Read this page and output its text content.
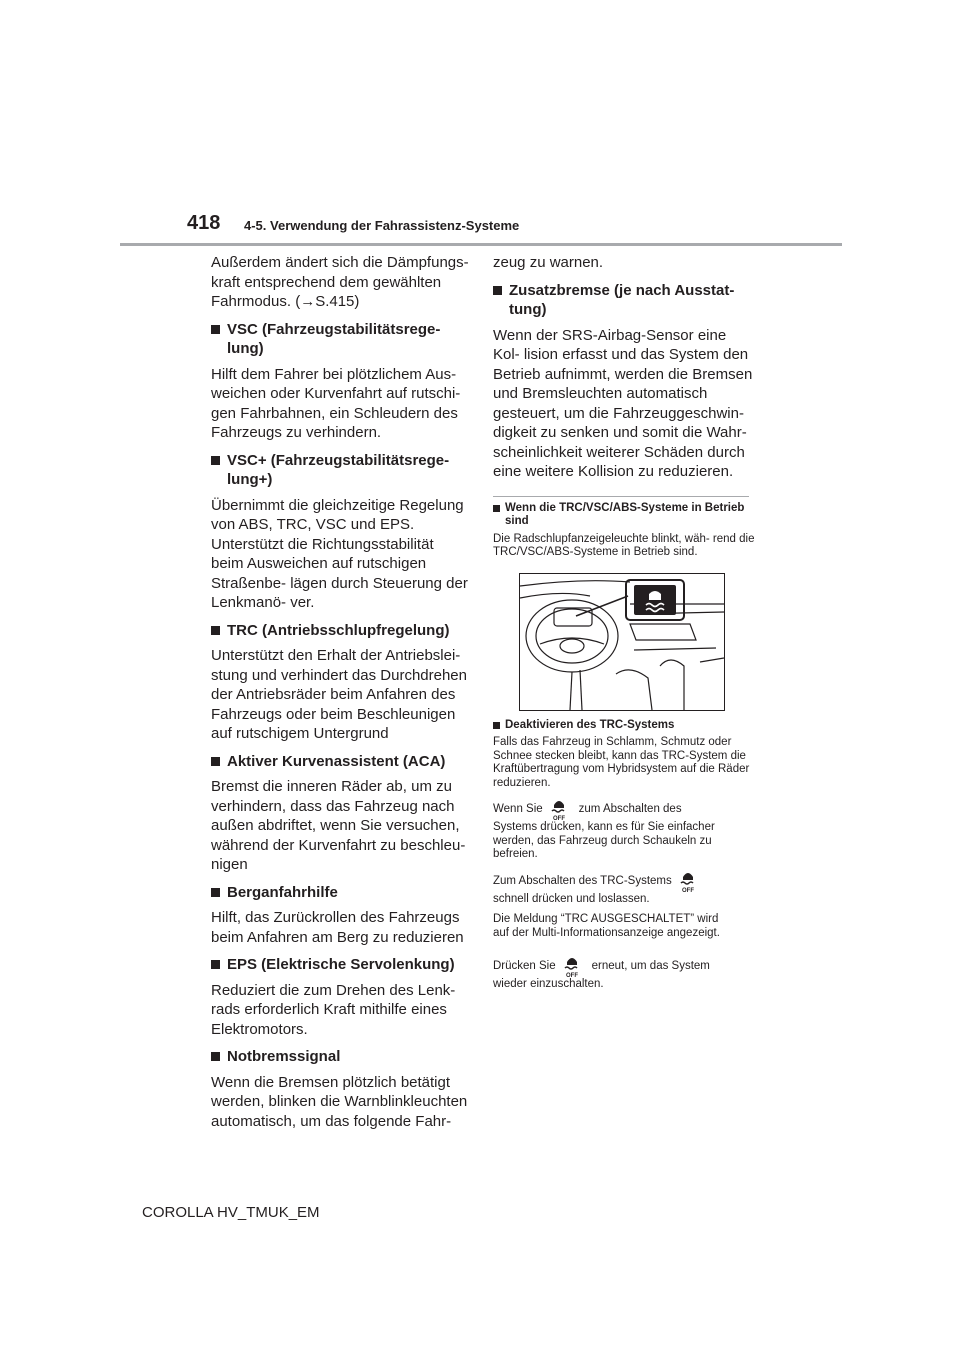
418 4-5. Verwendung der Fahrassistenz-Systeme

Außerdem ändert sich die Dämpfungs- kraft entsprechend dem gewählten Fahrmodus. (→S.415)

VSC (Fahrzeugstabilitätsrege- lung)

Hilft dem Fahrer bei plötzlichem Aus- weichen oder Kurvenfahrt auf rutschi- gen Fahrbahnen, ein Schleudern des Fahrzeugs zu verhindern.

VSC+ (Fahrzeugstabilitätsrege- lung+)

Übernimmt die gleichzeitige Regelung von ABS, TRC, VSC und EPS. Unterstützt die Richtungsstabilität beim Ausweichen auf rutschigen Straßenbe- lägen durch Steuerung der Lenkmanö- ver.

TRC (Antriebsschlupfregelung)

Unterstützt den Erhalt der Antriebslei- stung und verhindert das Durchdrehen der Antriebsräder beim Anfahren des Fahrzeugs oder beim Beschleunigen auf rutschigem Untergrund

Aktiver Kurvenassistent (ACA)

Bremst die inneren Räder ab, um zu verhindern, dass das Fahrzeug nach außen abdriftet, wenn Sie versuchen, während der Kurvenfahrt zu beschleu- nigen

Berganfahrhilfe

Hilft, das Zurückrollen des Fahrzeugs beim Anfahren am Berg zu reduzieren

EPS (Elektrische Servolenkung)

Reduziert die zum Drehen des Lenk- rads erforderlich Kraft mithilfe eines Elektromotors.

Notbremssignal

Wenn die Bremsen plötzlich betätigt werden, blinken die Warnblinkleuchten automatisch, um das folgende Fahr-

zeug zu warnen.

Zusatzbremse (je nach Ausstat- tung)

Wenn der SRS-Airbag-Sensor eine Kol- lision erfasst und das System den Betrieb aufnimmt, werden die Bremsen und Bremsleuchten automatisch gesteuert, um die Fahrzeuggeschwin- digkeit zu senken und somit die Wahr- scheinlichkeit weiterer Schäden durch eine weitere Kollision zu reduzieren.

Wenn die TRC/VSC/ABS-Systeme in Betrieb sind

Die Radschlupfanzeigeleuchte blinkt, wäh- rend die TRC/VSC/ABS-Systeme in Betrieb sind.

Deaktivieren des TRC-Systems

Falls das Fahrzeug in Schlamm, Schmutz oder Schnee stecken bleibt, kann das TRC-System die Kraftübertragung vom Hybridsystem auf die Räder reduzieren.

Wenn Sie
OFF
zum Abschalten des
Systems drücken, kann es für Sie einfacher werden, das Fahrzeug durch Schaukeln zu befreien.

Zum Abschalten des TRC-Systems
OFF

schnell drücken und loslassen.

Die Meldung “TRC AUSGESCHALTET” wird
auf der Multi-Informationsanzeige angezeigt.

Drücken Sie
OFF
erneut, um das System
wieder einzuschalten.

COROLLA HV_TMUK_EM
